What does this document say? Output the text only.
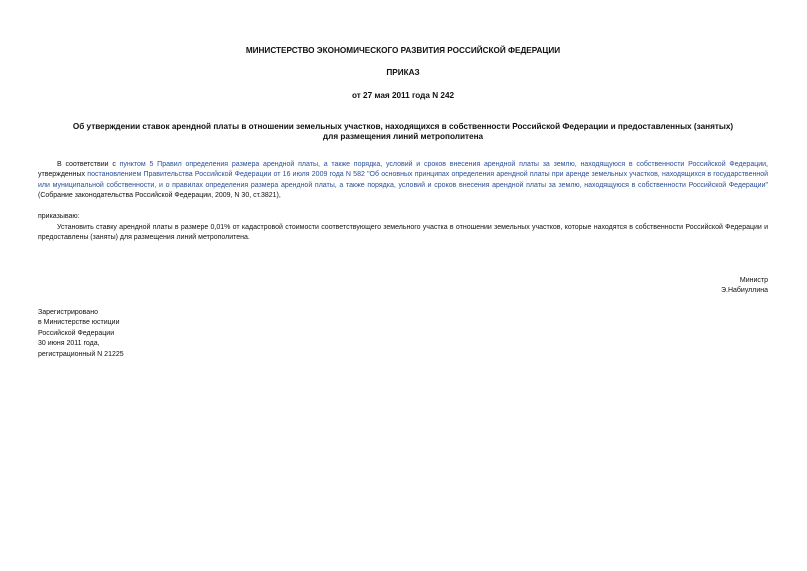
МИНИСТЕРСТВО ЭКОНОМИЧЕСКОГО РАЗВИТИЯ РОССИЙСКОЙ ФЕДЕРАЦИИ
ПРИКАЗ
от 27 мая 2011 года N 242
Об утверждении ставок арендной платы в отношении земельных участков, находящихся в собственности Российской Федерации и предоставленных (занятых)
для размещения линий метрополитена
В соответствии с пунктом 5 Правил определения размера арендной платы, а также порядка, условий и сроков внесения арендной платы за землю, находящуюся в собственности Российской Федерации, утвержденных постановлением Правительства Российской Федерации от 16 июля 2009 года N 582 "Об основных принципах определения арендной платы при аренде земельных участков, находящихся в государственной или муниципальной собственности, и о правилах определения размера арендной платы, а также порядка, условий и сроков внесения арендной платы за землю, находящуюся в собственности Российской Федерации" (Собрание законодательства Российской Федерации, 2009, N 30, ст.3821),
приказываю:
Установить ставку арендной платы в размере 0,01% от кадастровой стоимости соответствующего земельного участка в отношении земельных участков, которые находятся в собственности Российской Федерации и предоставлены (заняты) для размещения линий метрополитена.
Министр
Э.Набиуллина
Зарегистрировано
в Министерстве юстиции
Российской Федерации
30 июня 2011 года,
регистрационный N 21225
